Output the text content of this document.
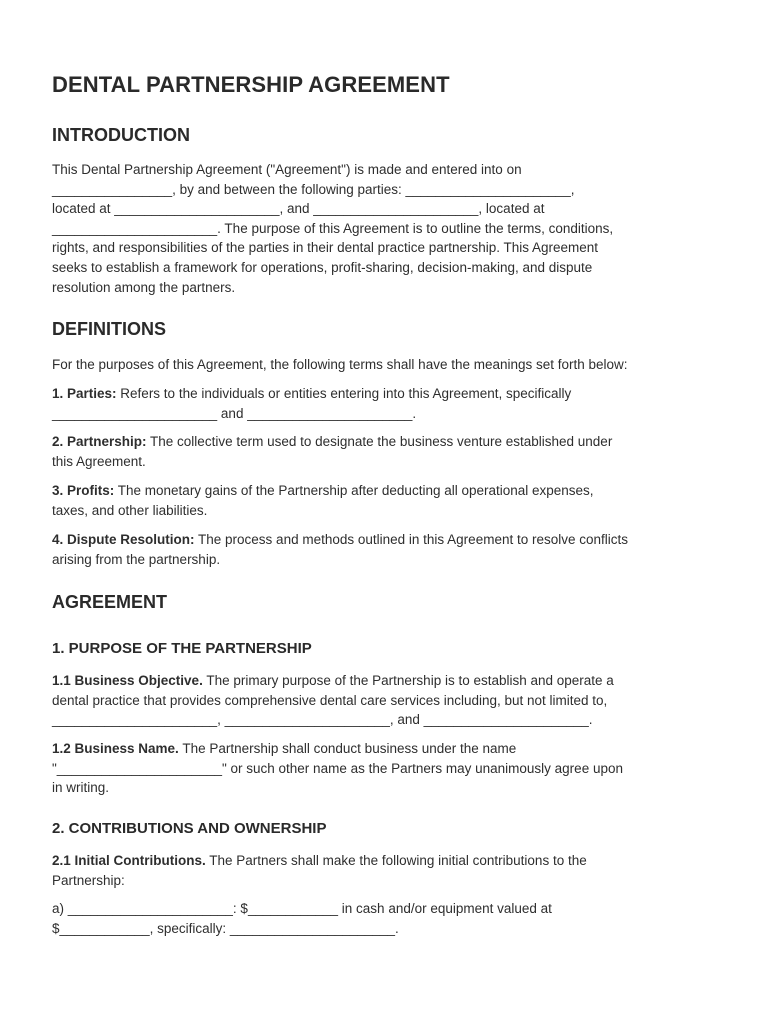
DENTAL PARTNERSHIP AGREEMENT
INTRODUCTION

This Dental Partnership Agreement ("Agreement") is made and entered into on
________________, by and between the following parties: ______________________,
located at ______________________, and ______________________, located at
______________________. The purpose of this Agreement is to outline the terms, conditions,
rights, and responsibilities of the parties in their dental practice partnership. This Agreement
seeks to establish a framework for operations, profit-sharing, decision-making, and dispute
resolution among the partners.

DEFINITIONS

For the purposes of this Agreement, the following terms shall have the meanings set forth below:

1. Parties: Refers to the individuals or entities entering into this Agreement, specifically
______________________ and ______________________.

2. Partnership: The collective term used to designate the business venture established under
this Agreement.

3. Profits: The monetary gains of the Partnership after deducting all operational expenses,
taxes, and other liabilities.

4. Dispute Resolution: The process and methods outlined in this Agreement to resolve conflicts
arising from the partnership.

AGREEMENT
1. PURPOSE OF THE PARTNERSHIP

1.1 Business Objective. The primary purpose of the Partnership is to establish and operate a
dental practice that provides comprehensive dental care services including, but not limited to,
______________________, ______________________, and ______________________.

1.2 Business Name. The Partnership shall conduct business under the name
"______________________" or such other name as the Partners may unanimously agree upon
in writing.

2. CONTRIBUTIONS AND OWNERSHIP

2.1 Initial Contributions. The Partners shall make the following initial contributions to the
Partnership:

a) ______________________: $____________ in cash and/or equipment valued at
$____________, specifically: ______________________.
